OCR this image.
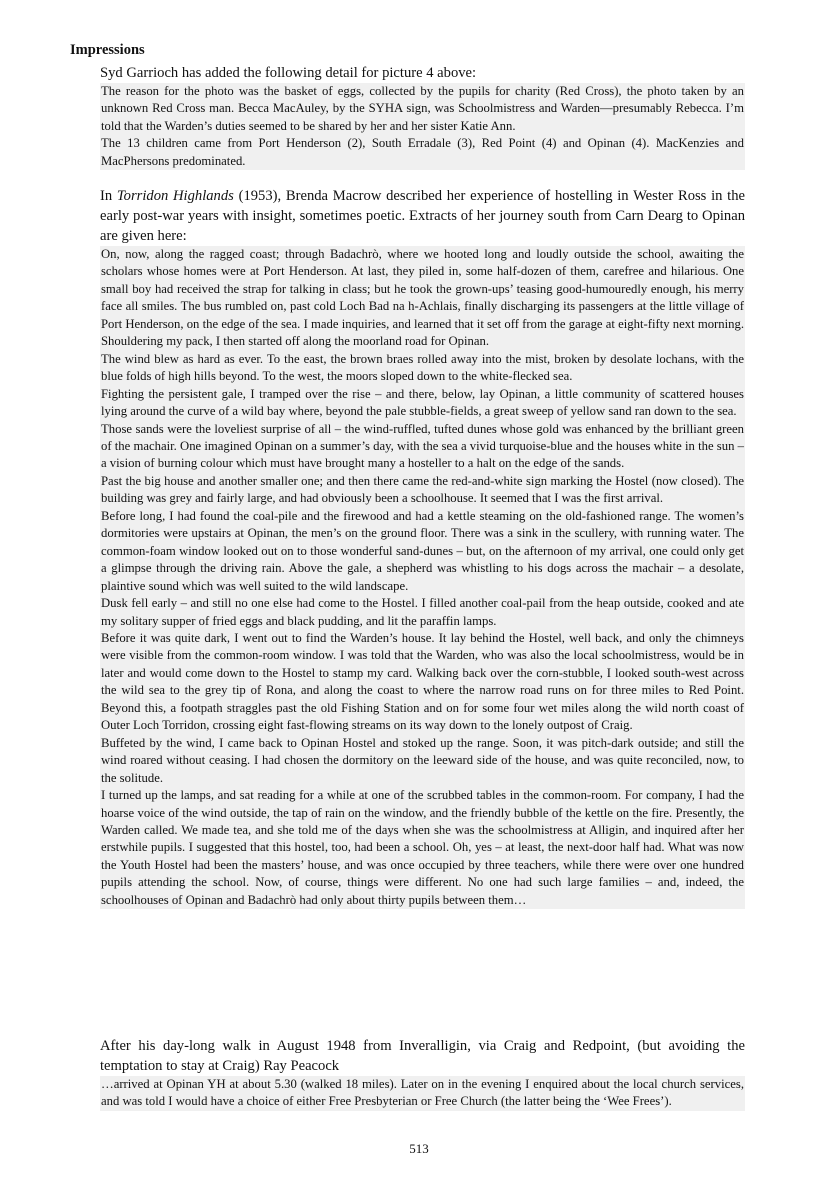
Impressions

Syd Garrioch has added the following detail for picture 4 above:

The reason for the photo was the basket of eggs, collected by the pupils for charity (Red Cross), the photo taken by an unknown Red Cross man. Becca MacAuley, by the SYHA sign, was Schoolmistress and Warden—presumably Rebecca. I’m told that the Warden’s duties seemed to be shared by her and her sister Katie Ann.

The 13 children came from Port Henderson (2), South Erradale (3), Red Point (4) and Opinan (4). MacKenzies and MacPhersons predominated.

In Torridon Highlands (1953), Brenda Macrow described her experience of hostelling in Wester Ross in the early post-war years with insight, sometimes poetic. Extracts of her journey south from Carn Dearg to Opinan are given here:

On, now, along the ragged coast; through Badachrò, where we hooted long and loudly outside the school, awaiting the scholars whose homes were at Port Henderson. At last, they piled in, some half-dozen of them, carefree and hilarious. One small boy had received the strap for talking in class; but he took the grown-ups’ teasing good-humouredly enough, his merry face all smiles. The bus rumbled on, past cold Loch Bad na h-Achlais, finally discharging its passengers at the little village of Port Henderson, on the edge of the sea. I made inquiries, and learned that it set off from the garage at eight-fifty next morning. Shouldering my pack, I then started off along the moorland road for Opinan.

The wind blew as hard as ever. To the east, the brown braes rolled away into the mist, broken by desolate lochans, with the blue folds of high hills beyond. To the west, the moors sloped down to the white-flecked sea.

Fighting the persistent gale, I tramped over the rise – and there, below, lay Opinan, a little community of scattered houses lying around the curve of a wild bay where, beyond the pale stubble-fields, a great sweep of yellow sand ran down to the sea.

Those sands were the loveliest surprise of all – the wind-ruffled, tufted dunes whose gold was enhanced by the brilliant green of the machair. One imagined Opinan on a summer’s day, with the sea a vivid turquoise-blue and the houses white in the sun – a vision of burning colour which must have brought many a hosteller to a halt on the edge of the sands.

Past the big house and another smaller one; and then there came the red-and-white sign marking the Hostel (now closed). The building was grey and fairly large, and had obviously been a schoolhouse. It seemed that I was the first arrival.

Before long, I had found the coal-pile and the firewood and had a kettle steaming on the old-fashioned range. The women’s dormitories were upstairs at Opinan, the men’s on the ground floor. There was a sink in the scullery, with running water. The common-foam window looked out on to those wonderful sand-dunes – but, on the afternoon of my arrival, one could only get a glimpse through the driving rain. Above the gale, a shepherd was whistling to his dogs across the machair – a desolate, plaintive sound which was well suited to the wild landscape.

Dusk fell early – and still no one else had come to the Hostel. I filled another coal-pail from the heap outside, cooked and ate my solitary supper of fried eggs and black pudding, and lit the paraffin lamps.

Before it was quite dark, I went out to find the Warden’s house. It lay behind the Hostel, well back, and only the chimneys were visible from the common-room window. I was told that the Warden, who was also the local schoolmistress, would be in later and would come down to the Hostel to stamp my card. Walking back over the corn-stubble, I looked south-west across the wild sea to the grey tip of Rona, and along the coast to where the narrow road runs on for three miles to Red Point. Beyond this, a footpath straggles past the old Fishing Station and on for some four wet miles along the wild north coast of Outer Loch Torridon, crossing eight fast-flowing streams on its way down to the lonely outpost of Craig.

Buffeted by the wind, I came back to Opinan Hostel and stoked up the range. Soon, it was pitch-dark outside; and still the wind roared without ceasing. I had chosen the dormitory on the leeward side of the house, and was quite reconciled, now, to the solitude.

I turned up the lamps, and sat reading for a while at one of the scrubbed tables in the common-room. For company, I had the hoarse voice of the wind outside, the tap of rain on the window, and the friendly bubble of the kettle on the fire. Presently, the Warden called. We made tea, and she told me of the days when she was the schoolmistress at Alligin, and inquired after her erstwhile pupils. I suggested that this hostel, too, had been a school. Oh, yes – at least, the next-door half had. What was now the Youth Hostel had been the masters’ house, and was once occupied by three teachers, while there were over one hundred pupils attending the school. Now, of course, things were different. No one had such large families – and, indeed, the schoolhouses of Opinan and Badachrò had only about thirty pupils between them…

After his day-long walk in August 1948 from Inveralligin, via Craig and Redpoint, (but avoiding the temptation to stay at Craig) Ray Peacock

…arrived at Opinan YH at about 5.30 (walked 18 miles). Later on in the evening I enquired about the local church services, and was told I would have a choice of either Free Presbyterian or Free Church (the latter being the ‘Wee Frees’).

513
